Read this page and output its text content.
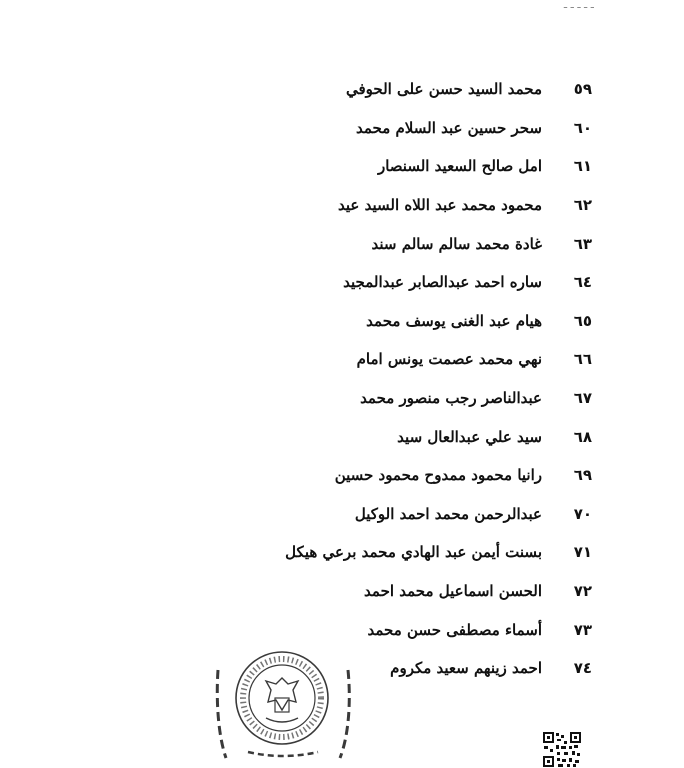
ـ ـ ـ ـ ـ
٥٩
محمد السيد حسن على الحوفي
٦٠
سحر حسين عبد السلام محمد
٦١
امل صالح السعيد السنصار
٦٢
محمود محمد عبد اللاه السيد عيد
٦٣
غادة محمد سالم سالم سند
٦٤
ساره احمد عبدالصابر عبدالمجيد
٦٥
هيام عبد الغنى يوسف محمد
٦٦
نهي محمد عصمت يونس امام
٦٧
عبدالناصر رجب منصور محمد
٦٨
سيد علي عبدالعال سيد
٦٩
رانيا محمود ممدوح محمود حسين
٧٠
عبدالرحمن محمد احمد الوكيل
٧١
بسنت أيمن عبد الهادي محمد برعي هيكل
٧٢
الحسن اسماعيل محمد احمد
٧٣
أسماء مصطفى حسن محمد
٧٤
احمد زينهم سعيد مكروم
